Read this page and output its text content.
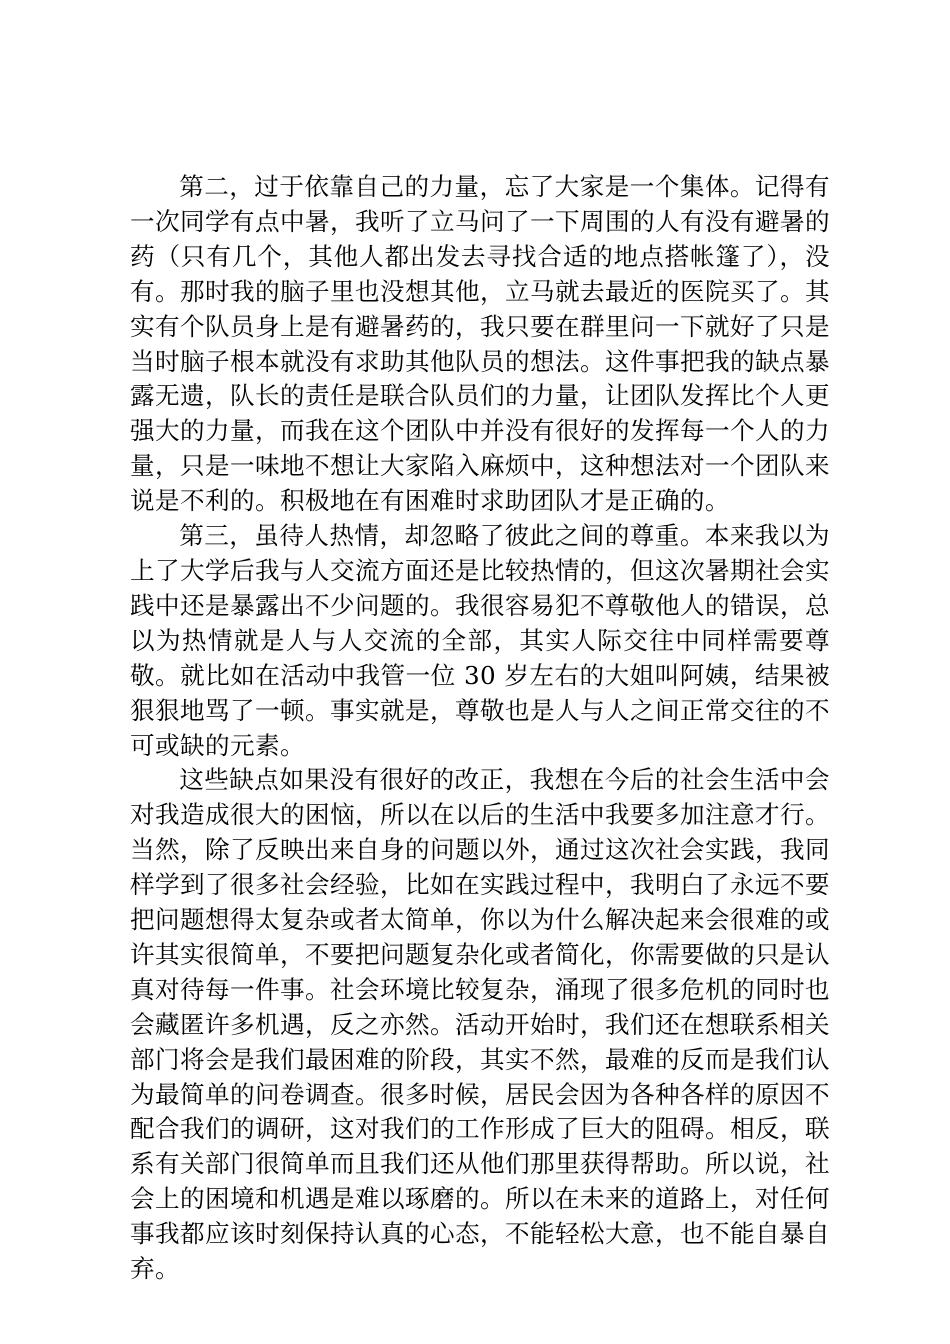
第二，过于依靠自己的力量，忘了大家是一个集体。记得有一次同学有点中暑，我听了立马问了一下周围的人有没有避暑的药（只有几个，其他人都出发去寻找合适的地点搭帐篷了），没有。那时我的脑子里也没想其他，立马就去最近的医院买了。其实有个队员身上是有避暑药的，我只要在群里问一下就好了只是当时脑子根本就没有求助其他队员的想法。这件事把我的缺点暴露无遗，队长的责任是联合队员们的力量，让团队发挥比个人更强大的力量，而我在这个团队中并没有很好的发挥每一个人的力量，只是一味地不想让大家陷入麻烦中，这种想法对一个团队来说是不利的。积极地在有困难时求助团队才是正确的。

第三，虽待人热情，却忽略了彼此之间的尊重。本来我以为上了大学后我与人交流方面还是比较热情的，但这次暑期社会实践中还是暴露出不少问题的。我很容易犯不尊敬他人的错误，总以为热情就是人与人交流的全部，其实人际交往中同样需要尊敬。就比如在活动中我管一位 30 岁左右的大姐叫阿姨，结果被狠狠地骂了一顿。事实就是，尊敬也是人与人之间正常交往的不可或缺的元素。

这些缺点如果没有很好的改正，我想在今后的社会生活中会对我造成很大的困恼，所以在以后的生活中我要多加注意才行。当然，除了反映出来自身的问题以外，通过这次社会实践，我同样学到了很多社会经验，比如在实践过程中，我明白了永远不要把问题想得太复杂或者太简单，你以为什么解决起来会很难的或许其实很简单，不要把问题复杂化或者简化，你需要做的只是认真对待每一件事。社会环境比较复杂，涌现了很多危机的同时也会藏匿许多机遇，反之亦然。活动开始时，我们还在想联系相关部门将会是我们最困难的阶段，其实不然，最难的反而是我们认为最简单的问卷调查。很多时候，居民会因为各种各样的原因不配合我们的调研，这对我们的工作形成了巨大的阻碍。相反，联系有关部门很简单而且我们还从他们那里获得帮助。所以说，社会上的困境和机遇是难以琢磨的。所以在未来的道路上，对任何事我都应该时刻保持认真的心态，不能轻松大意，也不能自暴自弃。
